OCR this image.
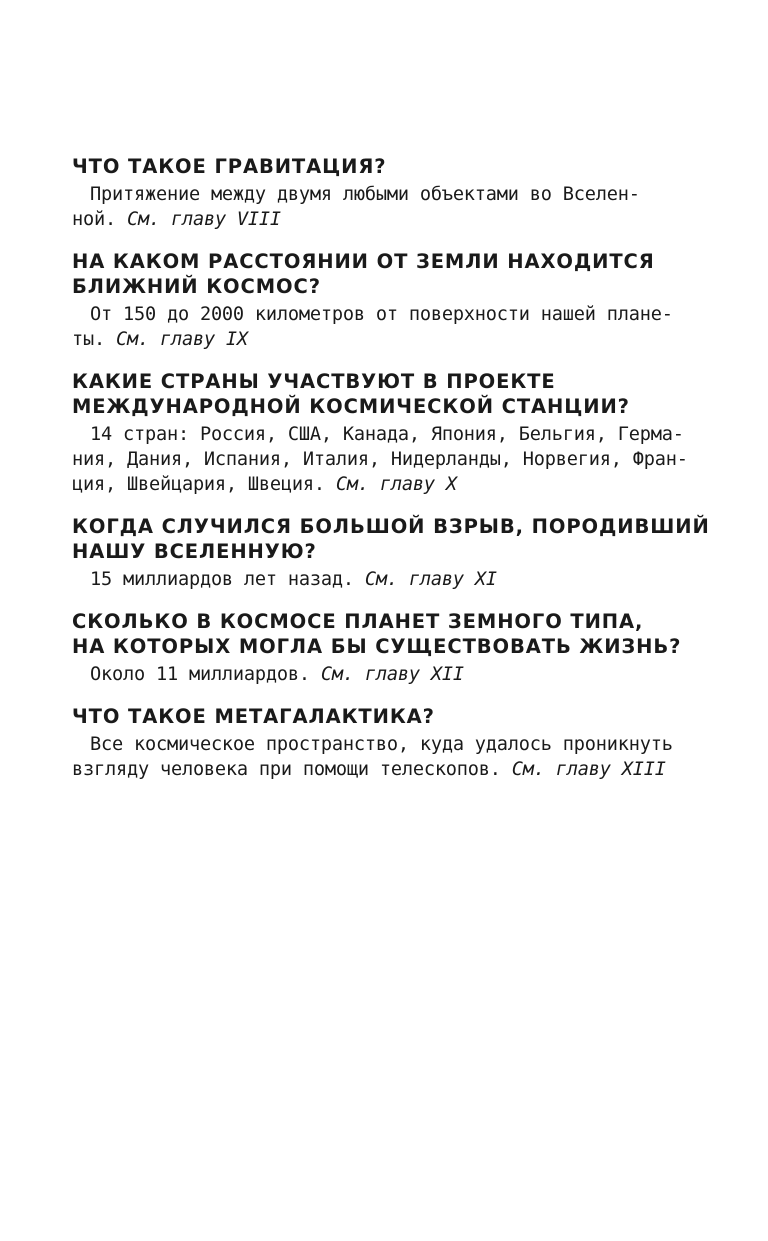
ЧТО ТАКОЕ ГРАВИТАЦИЯ?

Притяжение между двумя любыми объектами во Вселен-
ной. См. главу VIII

НА КАКОМ РАССТОЯНИИ ОТ ЗЕМЛИ НАХОДИТСЯ
БЛИЖНИЙ КОСМОС?

От 150 до 2000 километров от поверхности нашей плане-
ты. См. главу IX

КАКИЕ СТРАНЫ УЧАСТВУЮТ В ПРОЕКТЕ
МЕЖДУНАРОДНОЙ КОСМИЧЕСКОЙ СТАНЦИИ?

14 стран: Россия, США, Канада, Япония, Бельгия, Герма-
ния, Дания, Испания, Италия, Нидерланды, Норвегия, Фран-
ция, Швейцария, Швеция. См. главу X

КОГДА СЛУЧИЛСЯ БОЛЬШОЙ ВЗРЫВ, ПОРОДИВШИЙ
НАШУ ВСЕЛЕННУЮ?

15 миллиардов лет назад. См. главу XI

СКОЛЬКО В КОСМОСЕ ПЛАНЕТ ЗЕМНОГО ТИПА,
НА КОТОРЫХ МОГЛА БЫ СУЩЕСТВОВАТЬ ЖИЗНЬ?

Около 11 миллиардов. См. главу XII

ЧТО ТАКОЕ МЕТАГАЛАКТИКА?

Все космическое пространство, куда удалось проникнуть
взгляду человека при помощи телескопов. См. главу XIII
